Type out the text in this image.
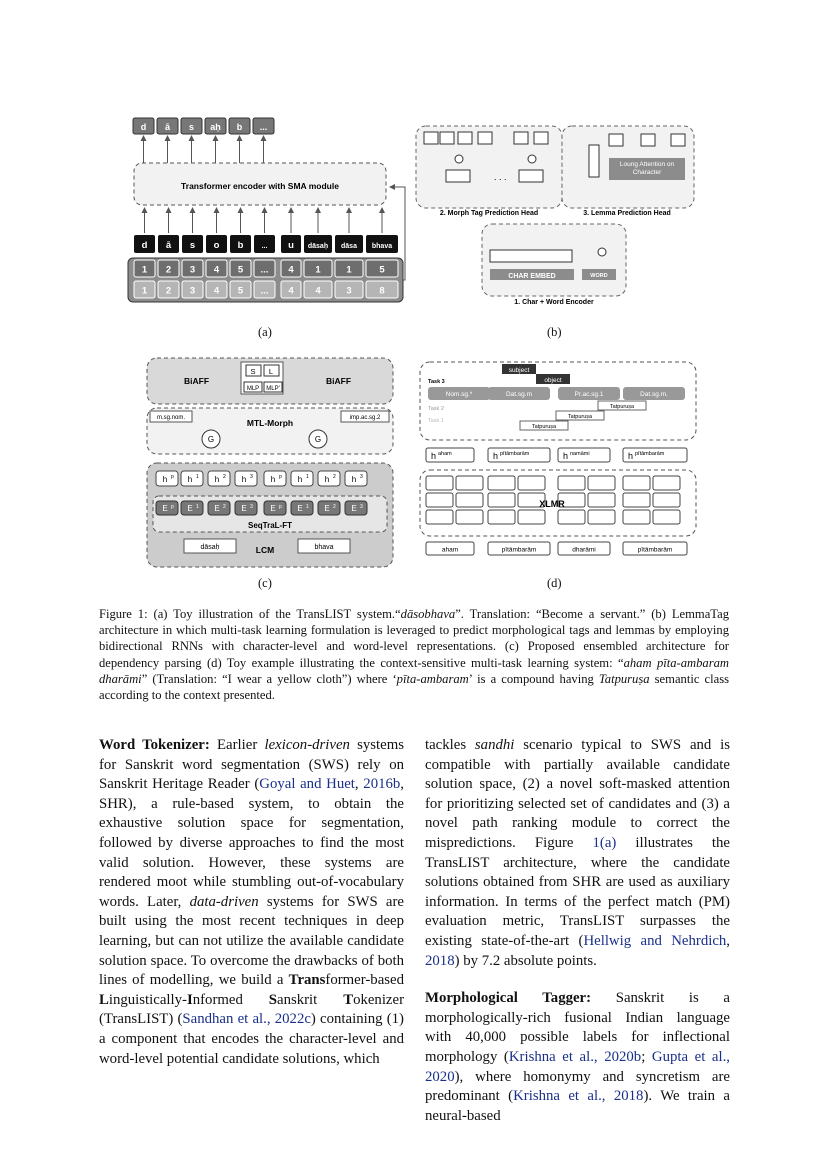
d ā s aḥ b ...
Transformer encoder with SMA module
d ā s o b	... u dāsaḥ dāsa bhava
1 2 3 4 5 ... 4 1	1	5
1 2 3 4 5 ... 4 4	3	8
(a)
. . .
2. Morph Tag Prediction Head
Loung Attention on Character
3. Lemma Prediction Head
CHAR EMBED	WORD
1. Char + Word Encoder
(b)
BiAFF	BiAFF
S L
MLP MLP'
m.sg.nom.	imp.ac.sg.2
MTL-Morph
G	G
h p h 1 h 2 h 3 h p h 1 h 2 h 3
E p E 1 E 2 E 3 E p E 1 E 2 E 3
SeqTraL-FT
dāsaḥ	bhava
LCM
(c)
subject
object
Task 3
Task 2
Task 1
Nom.sg.*	Dat.sg.m	Pr.ac.sg.1	Dat.sg.m.
Tatpuruṣa
Tatpuruṣa
Tatpuruṣa
h aham	h pītāmbarām	h namāmi	h pītāmbarām
XLMR
aham	pītāmbarām	dharāmi	pītāmbarām
(d)
Figure 1: (a) Toy illustration of the TransLIST system.“dāsobhava”. Translation: “Become a servant.” (b) LemmaTag architecture in which multi-task learning formulation is leveraged to predict morphological tags and lemmas by employing bidirectional RNNs with character-level and word-level representations. (c) Proposed ensembled architecture for dependency parsing (d) Toy example illustrating the context-sensitive multi-task learning system: “aham pīta-ambaram dharāmi” (Translation: “I wear a yellow cloth”) where ‘pīta-ambaram’ is a compound having Tatpuruṣa semantic class according to the context presented.

Word Tokenizer: Earlier lexicon-driven systems for Sanskrit word segmentation (SWS) rely on Sanskrit Heritage Reader (Goyal and Huet, 2016b, SHR), a rule-based system, to obtain the exhaustive solution space for segmentation, followed by diverse approaches to find the most valid solution. However, these systems are rendered moot while stumbling out-of-vocabulary words. Later, data-driven systems for SWS are built using the most recent techniques in deep learning, but can not utilize the available candidate solution space. To overcome the drawbacks of both lines of modelling, we build a Transformer-based Linguistically-Informed Sanskrit Tokenizer (TransLIST) (Sandhan et al., 2022c) containing (1) a component that encodes the character-level and word-level potential candidate solutions, which

tackles sandhi scenario typical to SWS and is compatible with partially available candidate solution space, (2) a novel soft-masked attention for prioritizing selected set of candidates and (3) a novel path ranking module to correct the mispredictions. Figure 1(a) illustrates the TransLIST architecture, where the candidate solutions obtained from SHR are used as auxiliary information. In terms of the perfect match (PM) evaluation metric, TransLIST surpasses the existing state-of-the-art (Hellwig and Nehrdich, 2018) by 7.2 absolute points.

Morphological Tagger: Sanskrit is a morphologically-rich fusional Indian language with 40,000 possible labels for inflectional morphology (Krishna et al., 2020b; Gupta et al., 2020), where homonymy and syncretism are predominant (Krishna et al., 2018). We train a neural-based
